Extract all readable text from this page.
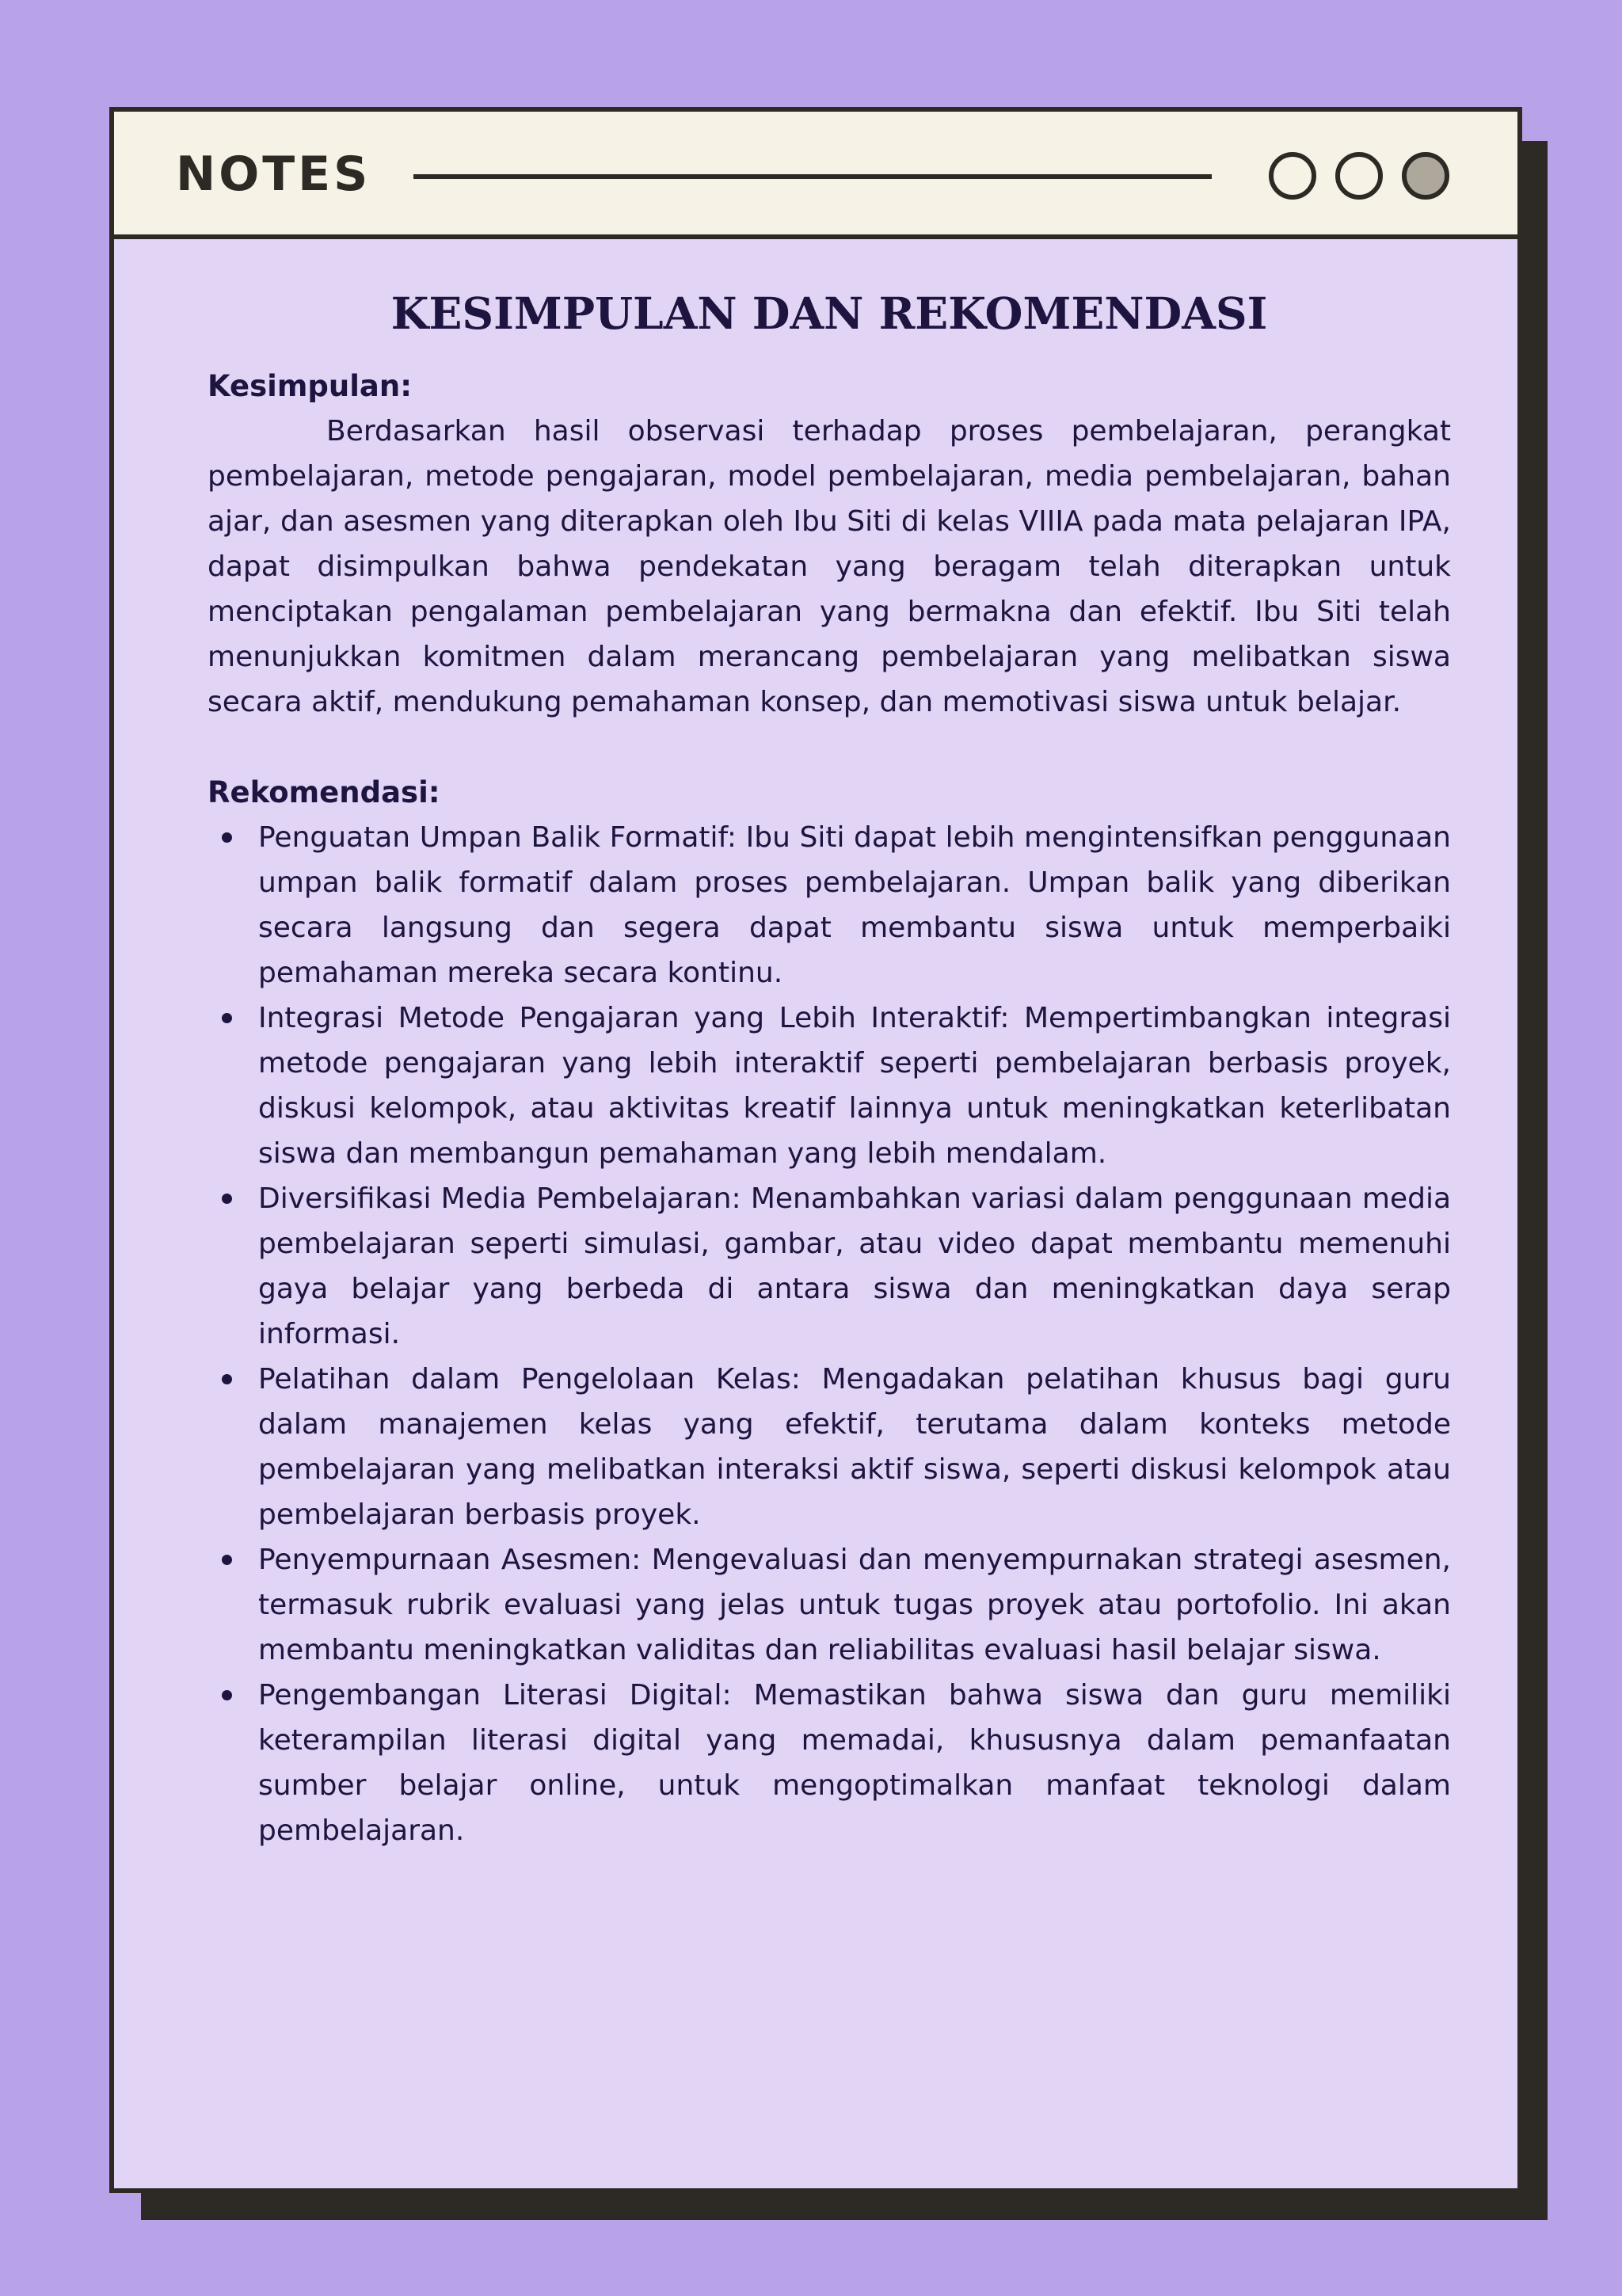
NOTES
KESIMPULAN DAN REKOMENDASI

Kesimpulan:

Berdasarkan hasil observasi terhadap proses pembelajaran, perangkat pembelajaran, metode pengajaran, model pembelajaran, media pembelajaran, bahan ajar, dan asesmen yang diterapkan oleh Ibu Siti di kelas VIIIA pada mata pelajaran IPA, dapat disimpulkan bahwa pendekatan yang beragam telah diterapkan untuk menciptakan pengalaman pembelajaran yang bermakna dan efektif. Ibu Siti telah menunjukkan komitmen dalam merancang pembelajaran yang melibatkan siswa secara aktif, mendukung pemahaman konsep, dan memotivasi siswa untuk belajar.

Rekomendasi:

Penguatan Umpan Balik Formatif: Ibu Siti dapat lebih mengintensifkan penggunaan umpan balik formatif dalam proses pembelajaran. Umpan balik yang diberikan secara langsung dan segera dapat membantu siswa untuk memperbaiki pemahaman mereka secara kontinu.
Integrasi Metode Pengajaran yang Lebih Interaktif: Mempertimbangkan integrasi metode pengajaran yang lebih interaktif seperti pembelajaran berbasis proyek, diskusi kelompok, atau aktivitas kreatif lainnya untuk meningkatkan keterlibatan siswa dan membangun pemahaman yang lebih mendalam.
Diversifikasi Media Pembelajaran: Menambahkan variasi dalam penggunaan media pembelajaran seperti simulasi, gambar, atau video dapat membantu memenuhi gaya belajar yang berbeda di antara siswa dan meningkatkan daya serap informasi.
Pelatihan dalam Pengelolaan Kelas: Mengadakan pelatihan khusus bagi guru dalam manajemen kelas yang efektif, terutama dalam konteks metode pembelajaran yang melibatkan interaksi aktif siswa, seperti diskusi kelompok atau pembelajaran berbasis proyek.
Penyempurnaan Asesmen: Mengevaluasi dan menyempurnakan strategi asesmen, termasuk rubrik evaluasi yang jelas untuk tugas proyek atau portofolio. Ini akan membantu meningkatkan validitas dan reliabilitas evaluasi hasil belajar siswa.
Pengembangan Literasi Digital: Memastikan bahwa siswa dan guru memiliki keterampilan literasi digital yang memadai, khususnya dalam pemanfaatan sumber belajar online, untuk mengoptimalkan manfaat teknologi dalam pembelajaran.
